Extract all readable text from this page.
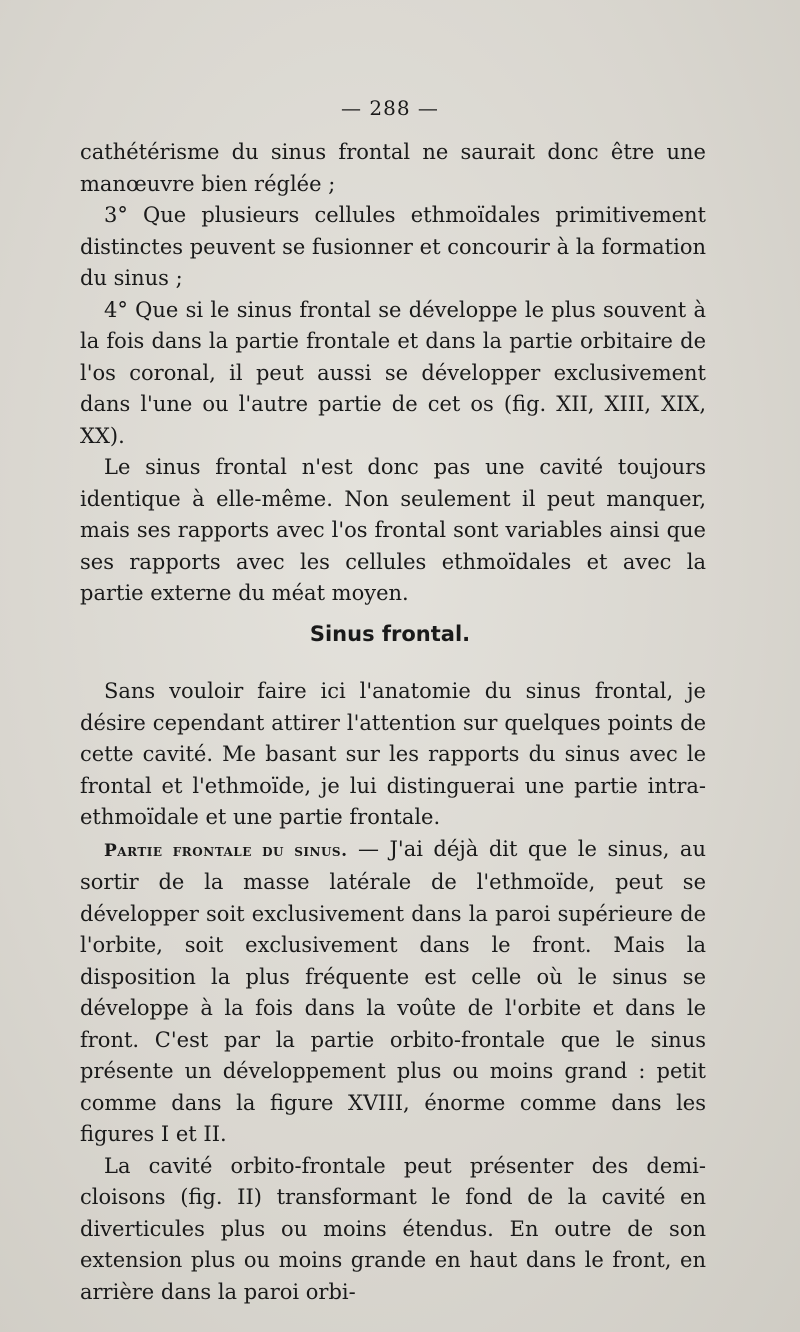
— 288 —

cathétérisme du sinus frontal ne saurait donc être une manœuvre bien réglée ;

3° Que plusieurs cellules ethmoïdales primitivement distinctes peuvent se fusionner et concourir à la formation du sinus ;

4° Que si le sinus frontal se développe le plus souvent à la fois dans la partie frontale et dans la partie orbitaire de l'os coronal, il peut aussi se développer exclusivement dans l'une ou l'autre partie de cet os (fig. XII, XIII, XIX, XX).

Le sinus frontal n'est donc pas une cavité toujours identique à elle-même. Non seulement il peut manquer, mais ses rapports avec l'os frontal sont variables ainsi que ses rapports avec les cellules ethmoïdales et avec la partie externe du méat moyen.

Sinus frontal.

Sans vouloir faire ici l'anatomie du sinus frontal, je désire cependant attirer l'attention sur quelques points de cette cavité. Me basant sur les rapports du sinus avec le frontal et l'ethmoïde, je lui distinguerai une partie intra-ethmoïdale et une partie frontale.

Partie frontale du sinus. — J'ai déjà dit que le sinus, au sortir de la masse latérale de l'ethmoïde, peut se développer soit exclusivement dans la paroi supérieure de l'orbite, soit exclusivement dans le front. Mais la disposition la plus fréquente est celle où le sinus se développe à la fois dans la voûte de l'orbite et dans le front. C'est par la partie orbito-frontale que le sinus présente un développement plus ou moins grand : petit comme dans la figure XVIII, énorme comme dans les figures I et II.

La cavité orbito-frontale peut présenter des demi-cloisons (fig. II) transformant le fond de la cavité en diverticules plus ou moins étendus. En outre de son extension plus ou moins grande en haut dans le front, en arrière dans la paroi orbi-
